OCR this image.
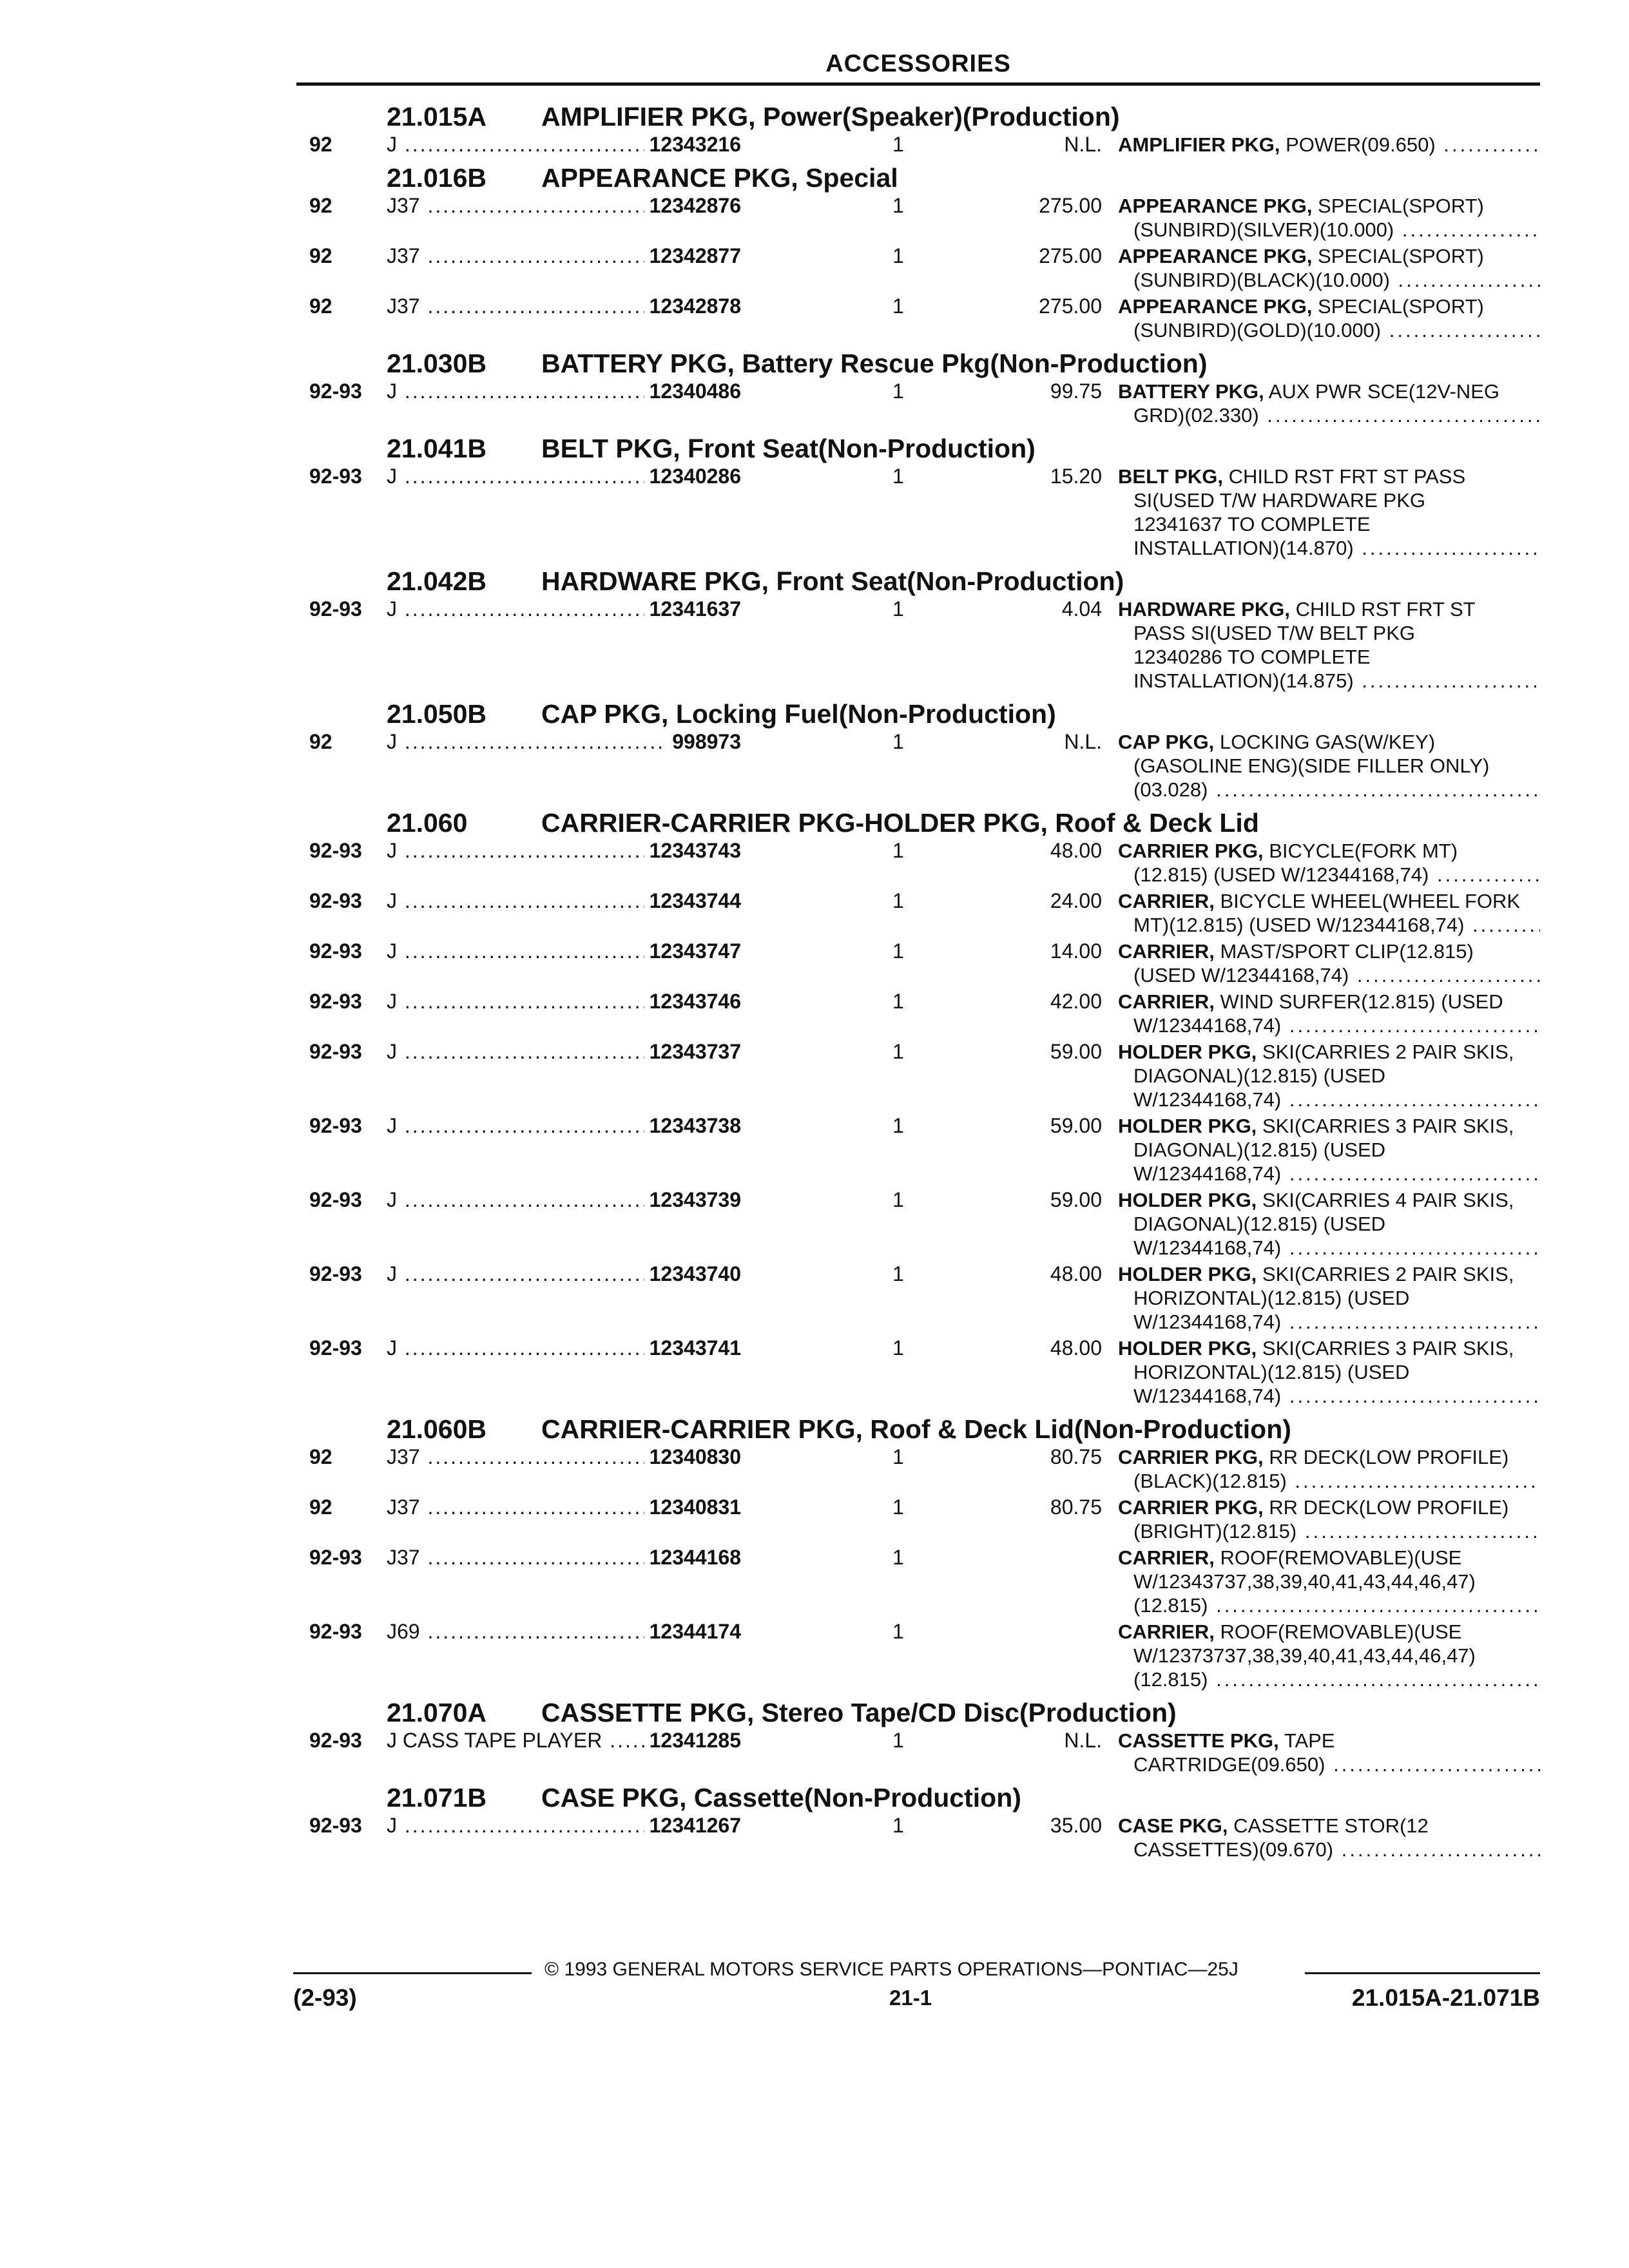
ACCESSORIES
21.015A AMPLIFIER PKG, Power(Speaker)(Production)
92	J .....	12343216	1	N.L. AMPLIFIER PKG, POWER(09.650) .....
21.016B APPEARANCE PKG, Special
92	J37 .....	12342876	1	275.00 APPEARANCE PKG, SPECIAL(SPORT)
(SUNBIRD)(SILVER)(10.000) .....
92	J37 .....	12342877	1	275.00 APPEARANCE PKG, SPECIAL(SPORT)
(SUNBIRD)(BLACK)(10.000) .....
92	J37 .....	12342878	1	275.00 APPEARANCE PKG, SPECIAL(SPORT)
(SUNBIRD)(GOLD)(10.000) .....
21.030B BATTERY PKG, Battery Rescue Pkg(Non-Production)
92-93 J .....	12340486	1	99.75 BATTERY PKG, AUX PWR SCE(12V-NEG
GRD)(02.330) .....
21.041B BELT PKG, Front Seat(Non-Production)
92-93 J .....	12340286	1	15.20 BELT PKG, CHILD RST FRT ST PASS
SI(USED T/W HARDWARE PKG
12341637 TO COMPLETE
INSTALLATION)(14.870) .....
21.042B HARDWARE PKG, Front Seat(Non-Production)
92-93 J .....	12341637	1	4.04 HARDWARE PKG, CHILD RST FRT ST
PASS SI(USED T/W BELT PKG
12340286 TO COMPLETE
INSTALLATION)(14.875) .....
21.050B CAP PKG, Locking Fuel(Non-Production)
92	J .....	998973	1	N.L. CAP PKG, LOCKING GAS(W/KEY)
(GASOLINE ENG)(SIDE FILLER ONLY)
(03.028) .....
21.060	CARRIER-CARRIER PKG-HOLDER PKG, Roof & Deck Lid
92-93 J .....	12343743	1	48.00 CARRIER PKG, BICYCLE(FORK MT)
(12.815) (USED W/12344168,74) .....
92-93 J .....	12343744	1	24.00 CARRIER, BICYCLE WHEEL(WHEEL FORK
MT)(12.815) (USED W/12344168,74) .....
92-93 J .....	12343747	1	14.00 CARRIER, MAST/SPORT CLIP(12.815)
(USED W/12344168,74) .....
92-93 J .....	12343746	1	42.00 CARRIER, WIND SURFER(12.815) (USED
W/12344168,74) .....
92-93 J .....	12343737	1	59.00 HOLDER PKG, SKI(CARRIES 2 PAIR SKIS,
DIAGONAL)(12.815) (USED
W/12344168,74) .....
92-93 J .....	12343738	1	59.00 HOLDER PKG, SKI(CARRIES 3 PAIR SKIS,
DIAGONAL)(12.815) (USED
W/12344168,74) .....
92-93 J .....	12343739	1	59.00 HOLDER PKG, SKI(CARRIES 4 PAIR SKIS,
DIAGONAL)(12.815) (USED
W/12344168,74) .....
92-93 J .....	12343740	1	48.00 HOLDER PKG, SKI(CARRIES 2 PAIR SKIS,
HORIZONTAL)(12.815) (USED
W/12344168,74) .....
92-93 J .....	12343741	1	48.00 HOLDER PKG, SKI(CARRIES 3 PAIR SKIS,
HORIZONTAL)(12.815) (USED
W/12344168,74) .....
21.060B CARRIER-CARRIER PKG, Roof & Deck Lid(Non-Production)
92	J37 .....	12340830	1	80.75 CARRIER PKG, RR DECK(LOW PROFILE)
(BLACK)(12.815) .....
92	J37 .....	12340831	1	80.75 CARRIER PKG, RR DECK(LOW PROFILE)
(BRIGHT)(12.815) .....
92-93 J37 .....	12344168	1	CARRIER, ROOF(REMOVABLE)(USE
W/12343737,38,39,40,41,43,44,46,47)
(12.815) .....
92-93 J69 .....	12344174	1	CARRIER, ROOF(REMOVABLE)(USE
W/12373737,38,39,40,41,43,44,46,47)
(12.815) .....
21.070A CASSETTE PKG, Stereo Tape/CD Disc(Production)
92-93 J CASS TAPE PLAYER .....	12341285	1	N.L. CASSETTE PKG, TAPE
CARTRIDGE(09.650) .....
21.071B CASE PKG, Cassette(Non-Production)
92-93 J .....	12341267	1	35.00 CASE PKG, CASSETTE STOR(12
CASSETTES)(09.670) .....
© 1993 GENERAL MOTORS SERVICE PARTS OPERATIONS—PONTIAC—25J
(2-93)	21-1	21.015A-21.071B
